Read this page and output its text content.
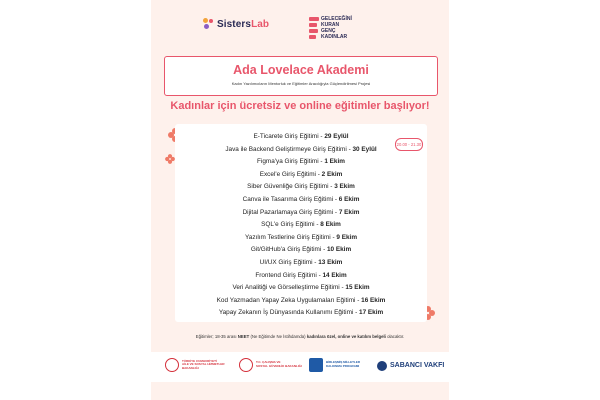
SistersLab	GELECEĞİNİ
KURAN
GENÇ
KADINLAR
Ada Lovelace Akademi
Kadın Yazılımcıların Mentorluk ve Eğitimler Aracılığıyla Güçlendirilmesi Projesi
Kadınlar için ücretsiz ve online eğitimler başlıyor!
20.00 - 21.30
E-Ticarete Giriş Eğitimi - 29 Eylül
Java ile Backend Geliştirmeye Giriş Eğitimi - 30 Eylül
Figma'ya Giriş Eğitimi - 1 Ekim
Excel'e Giriş Eğitimi - 2 Ekim
Siber Güvenliğe Giriş Eğitimi - 3 Ekim
Canva ile Tasarıma Giriş Eğitimi - 6 Ekim
Dijital Pazarlamaya Giriş Eğitimi - 7 Ekim
SQL'e Giriş Eğitimi - 8 Ekim
Yazılım Testlerine Giriş Eğitimi - 9 Ekim
Git/GitHub'a Giriş Eğitimi - 10 Ekim
UI/UX Giriş Eğitimi - 13 Ekim
Frontend Giriş Eğitimi - 14 Ekim
Veri Analitiği ve Görselleştirme Eğitimi - 15 Ekim
Kod Yazmadan Yapay Zeka Uygulamaları Eğitimi - 16 Ekim
Yapay Zekanın İş Dünyasında Kullanımı Eğitimi - 17 Ekim
Eğitimler; 18-35 arası NEET (Ne Eğitimde Ne İstihdamda) kadınlara özel, online ve katılım belgeli olacaktır.
TÜRKİYE CUMHURİYETİ
AİLE VE SOSYAL HİZMETLER
BAKANLIĞI
T.C. ÇALIŞMA VE
SOSYAL GÜVENLİK BAKANLIĞI
BİRLEŞMİŞ MİLLETLER
KALKINMA PROGRAMI	SABANCI VAKFI
